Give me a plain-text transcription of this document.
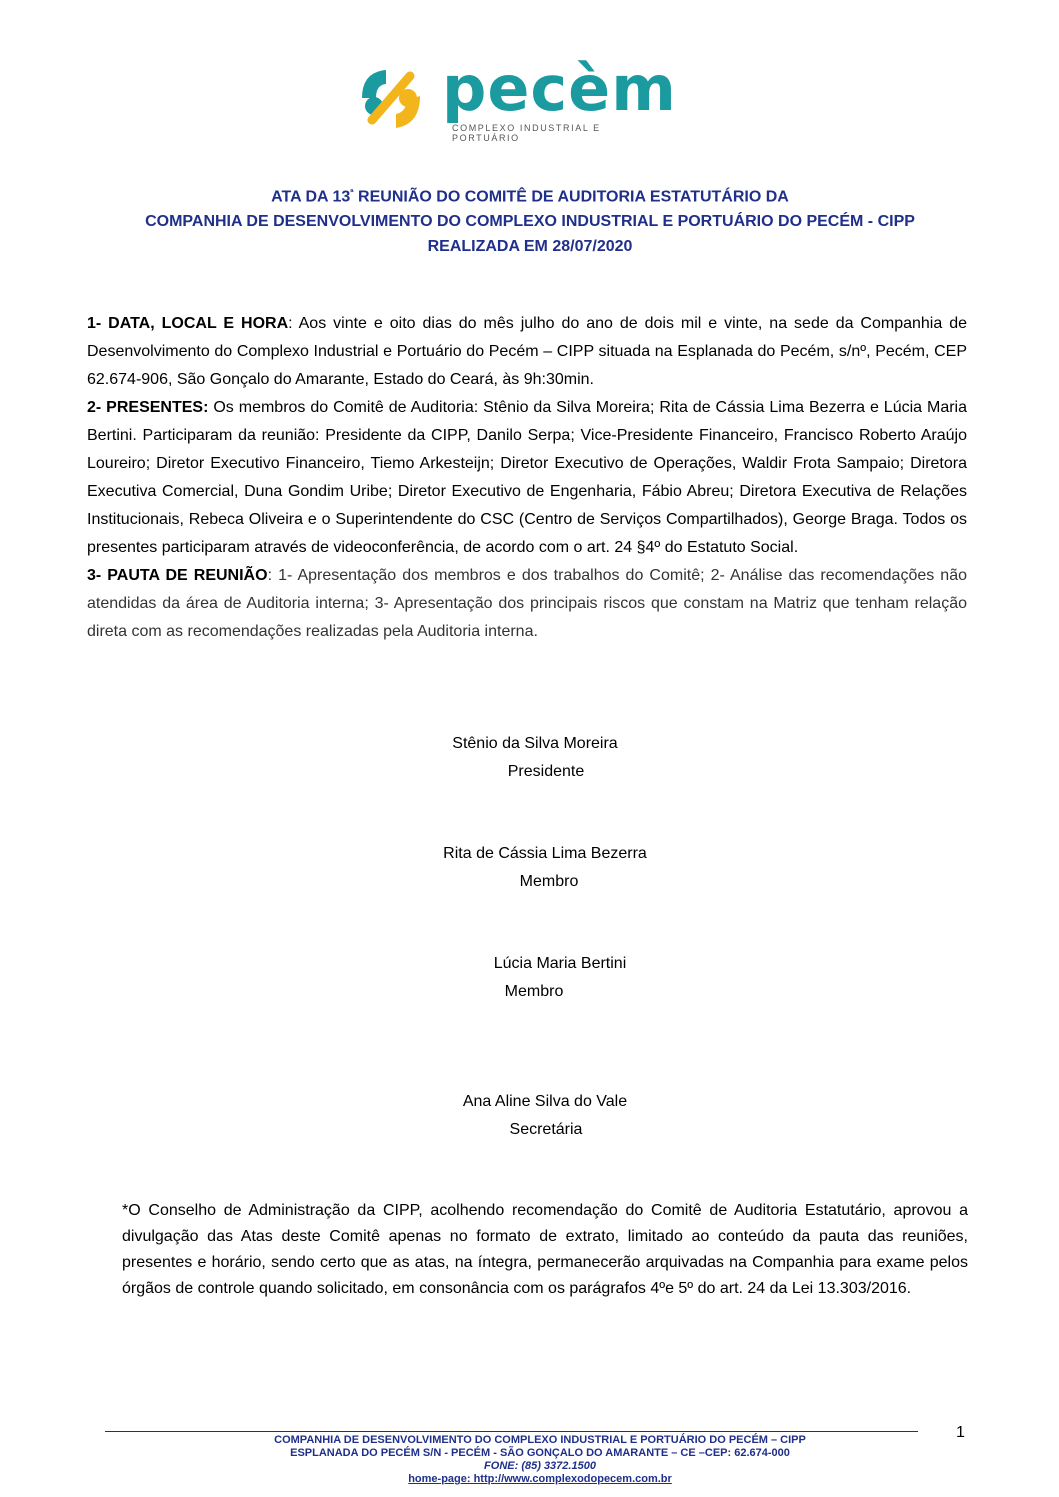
pecèm
COMPLEXO INDUSTRIAL E PORTUÁRIO
ATA DA $13^ª$ REUNIÃO DO COMITÊ DE AUDITORIA ESTATUTÁRIO DA
COMPANHIA DE DESENVOLVIMENTO DO COMPLEXO INDUSTRIAL E PORTUÁRIO DO PECÉM - CIPP
REALIZADA EM 28/07/2020

1- DATA, LOCAL E HORA: Aos vinte e oito dias do mês julho do ano de dois mil e vinte, na sede da Companhia de Desenvolvimento do Complexo Industrial e Portuário do Pecém – CIPP situada na Esplanada do Pecém, s/nº, Pecém, CEP 62.674-906, São Gonçalo do Amarante, Estado do Ceará, às 9h:30min.

2- PRESENTES: Os membros do Comitê de Auditoria: Stênio da Silva Moreira; Rita de Cássia Lima Bezerra e Lúcia Maria Bertini. Participaram da reunião: Presidente da CIPP, Danilo Serpa; Vice-Presidente Financeiro, Francisco Roberto Araújo Loureiro; Diretor Executivo Financeiro, Tiemo Arkesteijn; Diretor Executivo de Operações, Waldir Frota Sampaio; Diretora Executiva Comercial, Duna Gondim Uribe; Diretor Executivo de Engenharia, Fábio Abreu; Diretora Executiva de Relações Institucionais, Rebeca Oliveira e o Superintendente do CSC (Centro de Serviços Compartilhados), George Braga. Todos os presentes participaram através de videoconferência, de acordo com o art. 24 §4º do Estatuto Social.

3- PAUTA DE REUNIÃO: 1- Apresentação dos membros e dos trabalhos do Comitê; 2- Análise das recomendações não atendidas da área de Auditoria interna; 3- Apresentação dos principais riscos que constam na Matriz que tenham relação direta com as recomendações realizadas pela Auditoria interna.

Stênio da Silva Moreira
Presidente
Rita de Cássia Lima Bezerra
Membro
Lúcia Maria Bertini
Membro
Ana Aline Silva do Vale
Secretária
*O Conselho de Administração da CIPP, acolhendo recomendação do Comitê de Auditoria Estatutário, aprovou a divulgação das Atas deste Comitê apenas no formato de extrato, limitado ao conteúdo da pauta das reuniões, presentes e horário, sendo certo que as atas, na íntegra, permanecerão arquivadas na Companhia para exame pelos órgãos de controle quando solicitado, em consonância com os parágrafos 4ºe 5º do art. 24 da Lei 13.303/2016.
COMPANHIA DE DESENVOLVIMENTO DO COMPLEXO INDUSTRIAL E PORTUÁRIO DO PECÉM – CIPP
ESPLANADA DO PECÉM S/N - PECÉM - SÃO GONÇALO DO AMARANTE – CE –CEP: 62.674-000
FONE: (85) 3372.1500
home-page: http://www.complexodopecem.com.br
1
